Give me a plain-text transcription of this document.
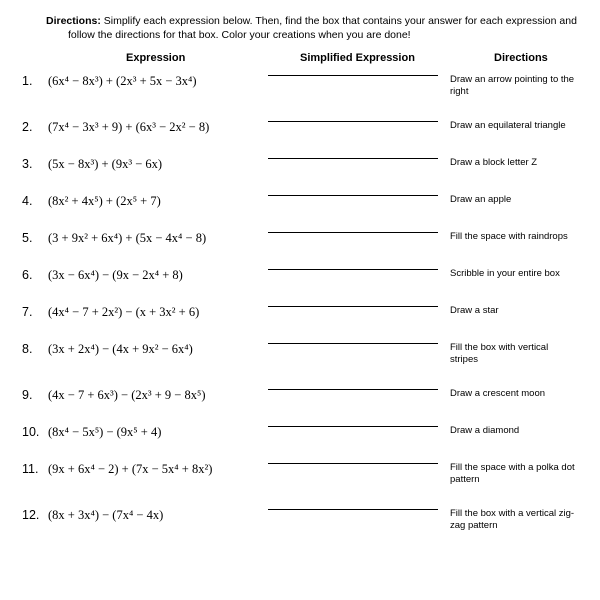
Directions: Simplify each expression below. Then, find the box that contains your answer for each expression and follow the directions for that box. Color your creations when you are done!
Expression	Simplified Expression	Directions
1.	(6x⁴ − 8x³) + (2x³ + 5x − 3x⁴)		Draw an arrow pointing to the right

2.	(7x⁴ − 3x³ + 9) + (6x³ − 2x² − 8)		Draw an equilateral triangle

3.	(5x − 8x³) + (9x³ − 6x)		Draw a block letter Z

4.	(8x² + 4x⁵) + (2x⁵ + 7)		Draw an apple

5.	(3 + 9x² + 6x⁴) + (5x − 4x⁴ − 8)		Fill the space with raindrops

6.	(3x − 6x⁴) − (9x − 2x⁴ + 8)		Scribble in your entire box

7.	(4x⁴ − 7 + 2x²) − (x + 3x² + 6)		Draw a star

8.	(3x + 2x⁴) − (4x + 9x² − 6x⁴)		Fill the box with vertical stripes

9.	(4x − 7 + 6x³) − (2x³ + 9 − 8x⁵)		Draw a crescent moon

10.	(8x⁴ − 5x⁵) − (9x⁵ + 4)		Draw a diamond

11.	(9x + 6x⁴ − 2) + (7x − 5x⁴ + 8x²)		Fill the space with a polka dot pattern

12.	(8x + 3x⁴) − (7x⁴ − 4x)		Fill the box with a vertical zig-zag pattern
